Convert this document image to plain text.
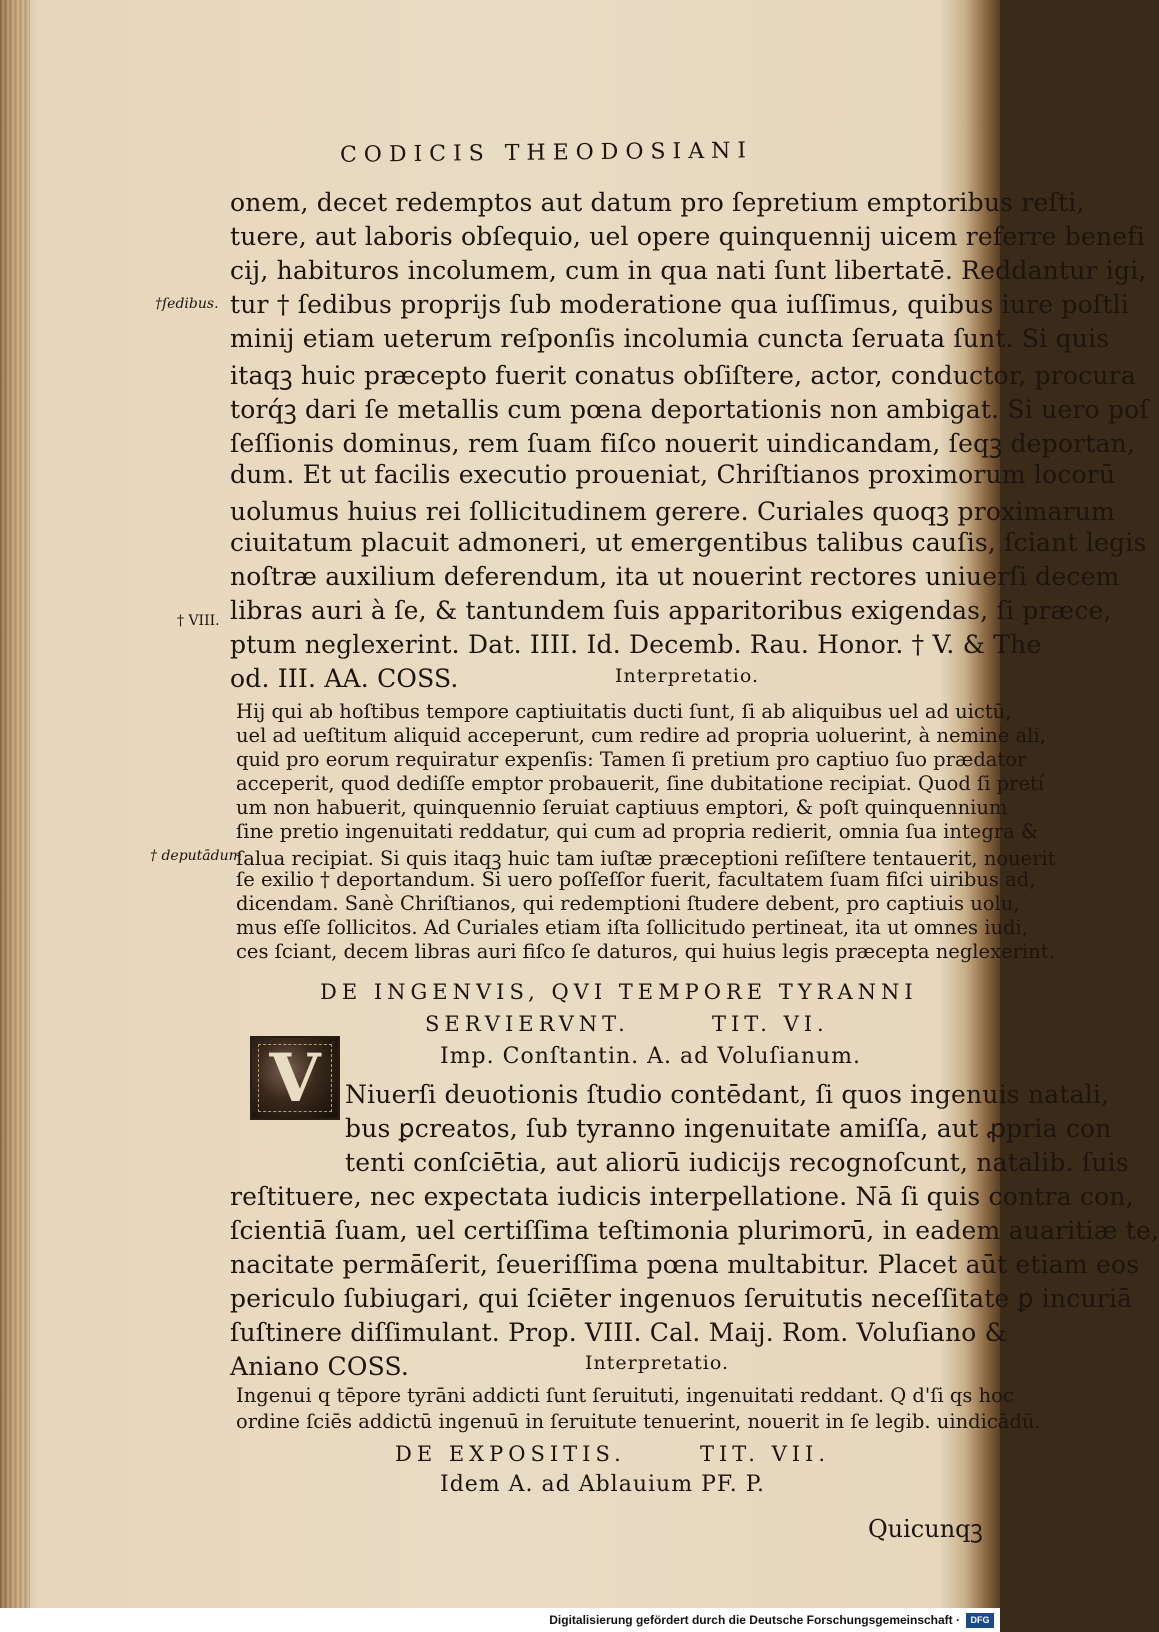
CODICIS THEODOSIANI
onem, decet redemptos aut datum pro ſepretium emptoribus reſti,
tuere, aut laboris obſequio, uel opere quinquennij uicem referre benefi
cij, habituros incolumem, cum in qua nati ſunt libertatē. Reddantur igi,
tur † ſedibus proprijs ſub moderatione qua iuſſimus, quibus iure poſtli
minij etiam ueterum reſponſis incolumia cuncta ſeruata ſunt. Si quis
itaqꝫ huic præcepto fuerit conatus obſiſtere, actor, conductor, procura
torq́ꝫ dari ſe metallis cum pœna deportationis non ambigat. Si uero poſ
ſeſſionis dominus, rem ſuam fiſco nouerit uindicandam, ſeqꝫ deportan,
dum. Et ut facilis executio proueniat, Chriſtianos proximorum locorū
uolumus huius rei ſollicitudinem gerere. Curiales quoqꝫ proximarum
ciuitatum placuit admoneri, ut emergentibus talibus cauſis, ſciant legis
noſtræ auxilium deferendum, ita ut nouerint rectores uniuerſi decem
libras auri à ſe, & tantundem ſuis apparitoribus exigendas, ſi præce,
ptum neglexerint. Dat. IIII. Id. Decemb. Rau. Honor. † V. & The
od. III. AA. COSS.	Interpretatio.
Hij qui ab hoſtibus tempore captiuitatis ducti ſunt, ſi ab aliquibus uel ad uictū,
uel ad ueſtitum aliquid acceperunt, cum redire ad propria uoluerint, à nemine ali,
quid pro eorum requiratur expenſis: Tamen ſi pretium pro captiuo ſuo prædator
acceperit, quod dediſſe emptor probauerit, ſine dubitatione recipiat. Quod ſi pretí
um non habuerit, quinquennio ſeruiat captiuus emptori, & poſt quinquennium
ſine pretio ingenuitati reddatur, qui cum ad propria redierit, omnia ſua integra &
ſalua recipiat. Si quis itaqꝫ huic tam iuſtæ præceptioni reſiſtere tentauerit, nouerit
ſe exilio † deportandum. Si uero poſſeſſor fuerit, facultatem ſuam fiſci uiribus ad,
dicendam. Sanè Chriſtianos, qui redemptioni ſtudere debent, pro captiuis uolu,
mus eſſe ſollicitos. Ad Curiales etiam iſta ſollicitudo pertineat, ita ut omnes iudi,
ces ſciant, decem libras auri fiſco ſe daturos, qui huius legis præcepta neglexerint.
DE INGENVIS, QVI TEMPORE TYRANNI
SERVIERVNT.	TIT. VI.
Imp. Conſtantin. A. ad Voluſianum.
V Niuerſi deuotionis ſtudio contēdant, ſi quos ingenuis natali,
bus ꝑcreatos, ſub tyranno ingenuitate amiſſa, aut ꝓpria con
tenti conſciētia, aut aliorū iudicijs recognoſcunt, natalib. ſuis
reſtituere, nec expectata iudicis interpellatione. Nā ſi quis contra con,
ſcientiā ſuam, uel certiſſima teſtimonia plurimorū, in eadem auaritiæ te,
nacitate permāſerit, ſeueriſſima pœna multabitur. Placet aūt etiam eos
periculo ſubiugari, qui ſciēter ingenuos ſeruitutis neceſſitate ꝑ incuriā
ſuſtinere diſſimulant. Prop. VIII. Cal. Maij. Rom. Voluſiano &
Aniano COSS.	Interpretatio.
Ingenui q tēpore tyrāni addicti ſunt ſeruituti, ingenuitati reddant. Q d'ſi qs hoc
ordine ſciēs addictū ingenuū in ſeruitute tenuerint, nouerit in ſe legib. uindicādū.
DE EXPOSITIS.	TIT. VII.
Idem A. ad Ablauium PF. P.
Quicunqꝫ
†ſedibus.
† VIII.
† deputādum
Digitalisierung gefördert durch die Deutsche Forschungsgemeinschaft ·	DFG
